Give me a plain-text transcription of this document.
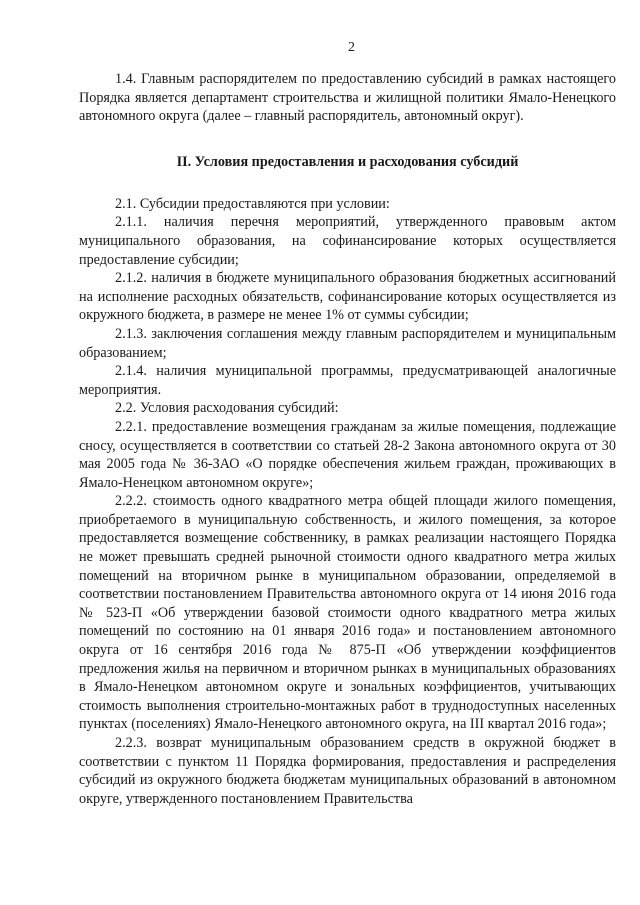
2

1.4. Главным распорядителем по предоставлению субсидий в рамках настоящего Порядка является департамент строительства и жилищной политики Ямало-Ненецкого автономного округа (далее – главный распорядитель, автономный округ).

II. Условия предоставления и расходования субсидий

2.1. Субсидии предоставляются при условии:

2.1.1. наличия перечня мероприятий, утвержденного правовым актом муниципального образования, на софинансирование которых осуществляется предоставление субсидии;

2.1.2. наличия в бюджете муниципального образования бюджетных ассигнований на исполнение расходных обязательств, софинансирование которых осуществляется из окружного бюджета, в размере не менее 1% от суммы субсидии;

2.1.3. заключения соглашения между главным распорядителем и муниципальным образованием;

2.1.4. наличия муниципальной программы, предусматривающей аналогичные мероприятия.

2.2. Условия расходования субсидий:

2.2.1. предоставление возмещения гражданам за жилые помещения, подлежащие сносу, осуществляется в соответствии со статьей 28-2 Закона автономного округа от 30 мая 2005 года № 36-ЗАО «О порядке обеспечения жильем граждан, проживающих в Ямало-Ненецком автономном округе»;

2.2.2. стоимость одного квадратного метра общей площади жилого помещения, приобретаемого в муниципальную собственность, и жилого помещения, за которое предоставляется возмещение собственнику, в рамках реализации настоящего Порядка не может превышать средней рыночной стоимости одного квадратного метра жилых помещений на вторичном рынке в муниципальном образовании, определяемой в соответствии постановлением Правительства автономного округа от 14 июня 2016 года № 523-П «Об утверждении базовой стоимости одного квадратного метра жилых помещений по состоянию на 01 января 2016 года» и постановлением автономного округа от 16 сентября 2016 года № 875-П «Об утверждении коэффициентов предложения жилья на первичном и вторичном рынках в муниципальных образованиях в Ямало-Ненецком автономном округе и зональных коэффициентов, учитывающих стоимость выполнения строительно-монтажных работ в труднодоступных населенных пунктах (поселениях) Ямало-Ненецкого автономного округа, на III квартал 2016 года»;

2.2.3. возврат муниципальным образованием средств в окружной бюджет в соответствии с пунктом 11 Порядка формирования, предоставления и распределения субсидий из окружного бюджета бюджетам муниципальных образований в автономном округе, утвержденного постановлением Правительства
